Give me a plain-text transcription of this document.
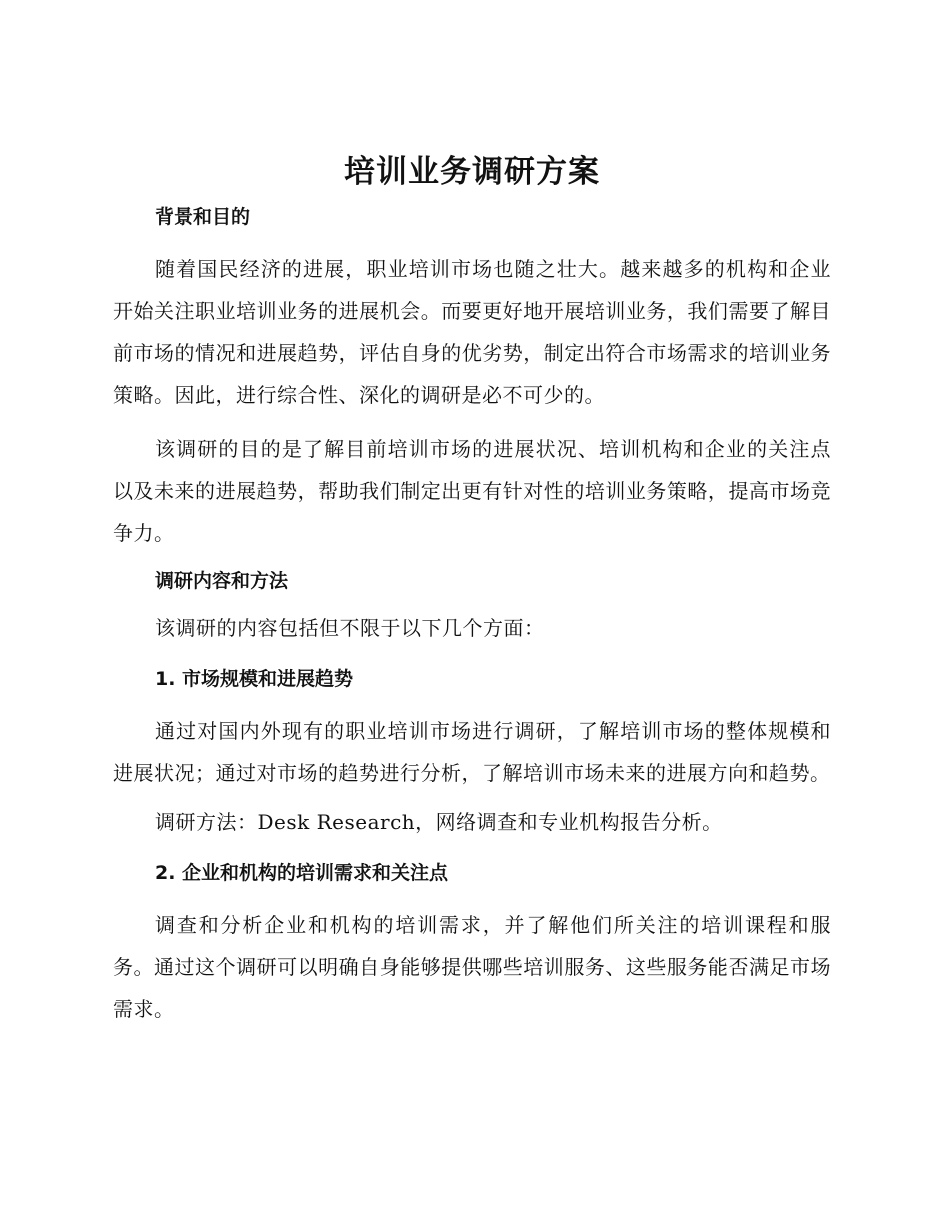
培训业务调研方案
背景和目的

随着国民经济的进展，职业培训市场也随之壮大。越来越多的机构和企业开始关注职业培训业务的进展机会。而要更好地开展培训业务，我们需要了解目前市场的情况和进展趋势，评估自身的优劣势，制定出符合市场需求的培训业务策略。因此，进行综合性、深化的调研是必不可少的。

该调研的目的是了解目前培训市场的进展状况、培训机构和企业的关注点以及未来的进展趋势，帮助我们制定出更有针对性的培训业务策略，提高市场竞争力。

调研内容和方法

该调研的内容包括但不限于以下几个方面：

1. 市场规模和进展趋势

通过对国内外现有的职业培训市场进行调研，了解培训市场的整体规模和进展状况；通过对市场的趋势进行分析，了解培训市场未来的进展方向和趋势。

调研方法：Desk Research，网络调查和专业机构报告分析。

2. 企业和机构的培训需求和关注点

调查和分析企业和机构的培训需求，并了解他们所关注的培训课程和服务。通过这个调研可以明确自身能够提供哪些培训服务、这些服务能否满足市场需求。
